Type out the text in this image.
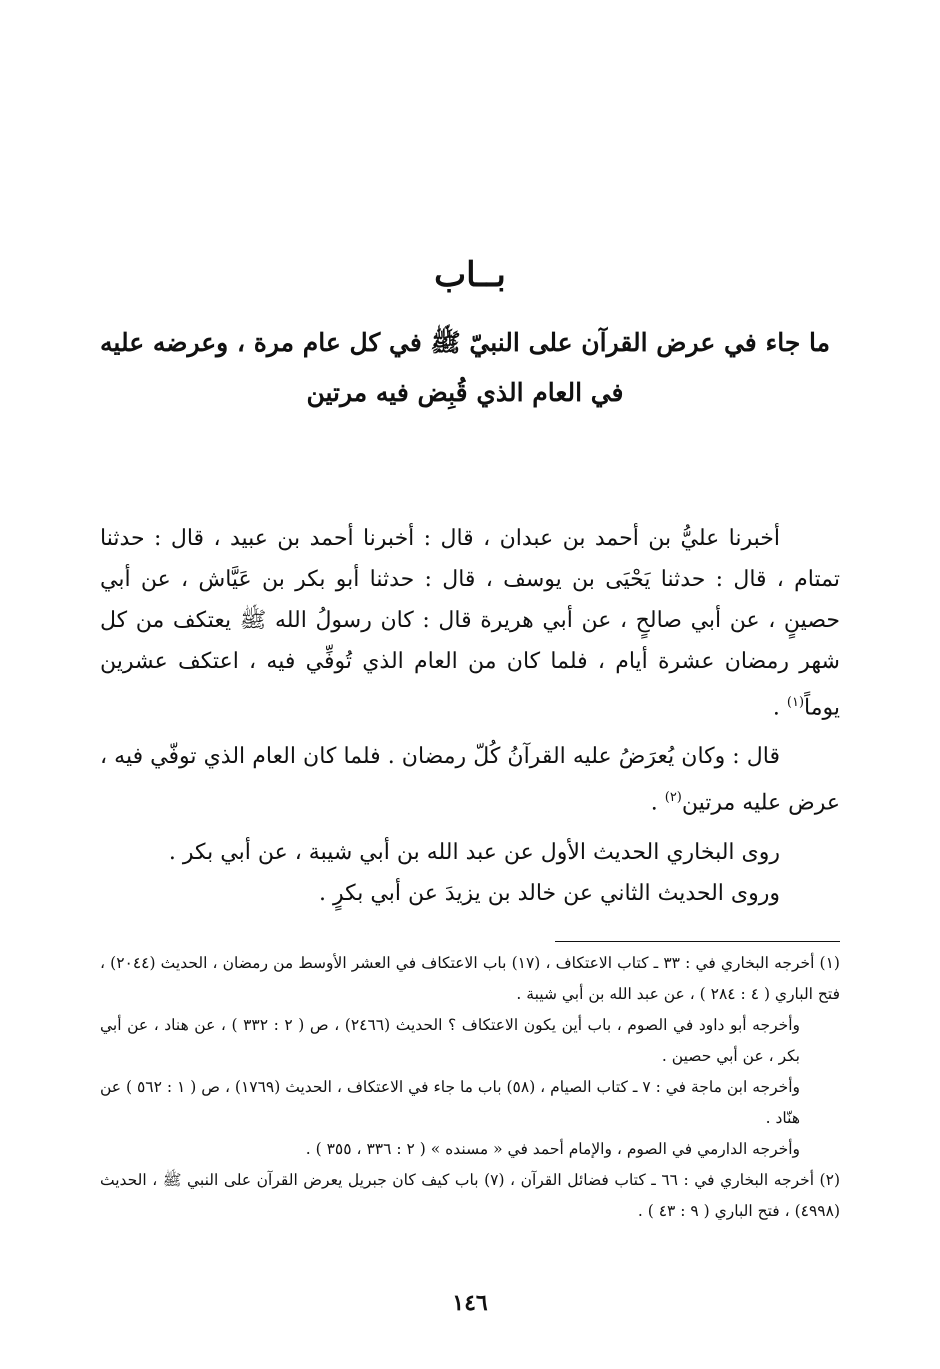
بــاب
ما جاء في عرض القرآن على النبيّ ﷺ في كل عام مرة ، وعرضه عليه
في العام الذي قُبِض فيه مرتين

أخبرنا عليُّ بن أحمد بن عبدان ، قال : أخبرنا أحمد بن عبيد ، قال : حدثنا تمتام ، قال : حدثنا يَحْيَى بن يوسف ، قال : حدثنا أبو بكر بن عَيَّاش ، عن أبي حصينٍ ، عن أبي صالحٍ ، عن أبي هريرة قال : كان رسولُ الله ﷺ يعتكف من كل شهر رمضان عشرة أيام ، فلما كان من العام الذي تُوفِّي فيه ، اعتكف عشرين يوماً$^{(١)}$ .

قال : وكان يُعرَضُ عليه القرآنُ كُلّ رمضان . فلما كان العام الذي توفّي فيه ، عرض عليه مرتين$^{(٢)}$ .

روى البخاري الحديث الأول عن عبد الله بن أبي شيبة ، عن أبي بكر .

وروى الحديث الثاني عن خالد بن يزيدَ عن أبي بكرٍ .

(١) أخرجه البخاري في : ٣٣ ـ كتاب الاعتكاف ، (١٧) باب الاعتكاف في العشر الأوسط من رمضان ، الحديث (٢٠٤٤) ، فتح الباري ( ٤ : ٢٨٤ ) ، عن عبد الله بن أبي شيبة .

وأخرجه أبو داود في الصوم ، باب أين يكون الاعتكاف ؟ الحديث (٢٤٦٦) ، ص ( ٢ : ٣٣٢ ) ، عن هناد ، عن أبي بكر ، عن أبي حصين .

وأخرجه ابن ماجة في : ٧ ـ كتاب الصيام ، (٥٨) باب ما جاء في الاعتكاف ، الحديث (١٧٦٩) ، ص ( ١ : ٥٦٢ ) عن هنّاد .

وأخرجه الدارمي في الصوم ، والإمام أحمد في « مسنده » ( ٢ : ٣٣٦ ، ٣٥٥ ) .

(٢) أخرجه البخاري في : ٦٦ ـ كتاب فضائل القرآن ، (٧) باب كيف كان جبريل يعرض القرآن على النبي ﷺ ، الحديث (٤٩٩٨) ، فتح الباري ( ٩ : ٤٣ ) .

١٤٦
